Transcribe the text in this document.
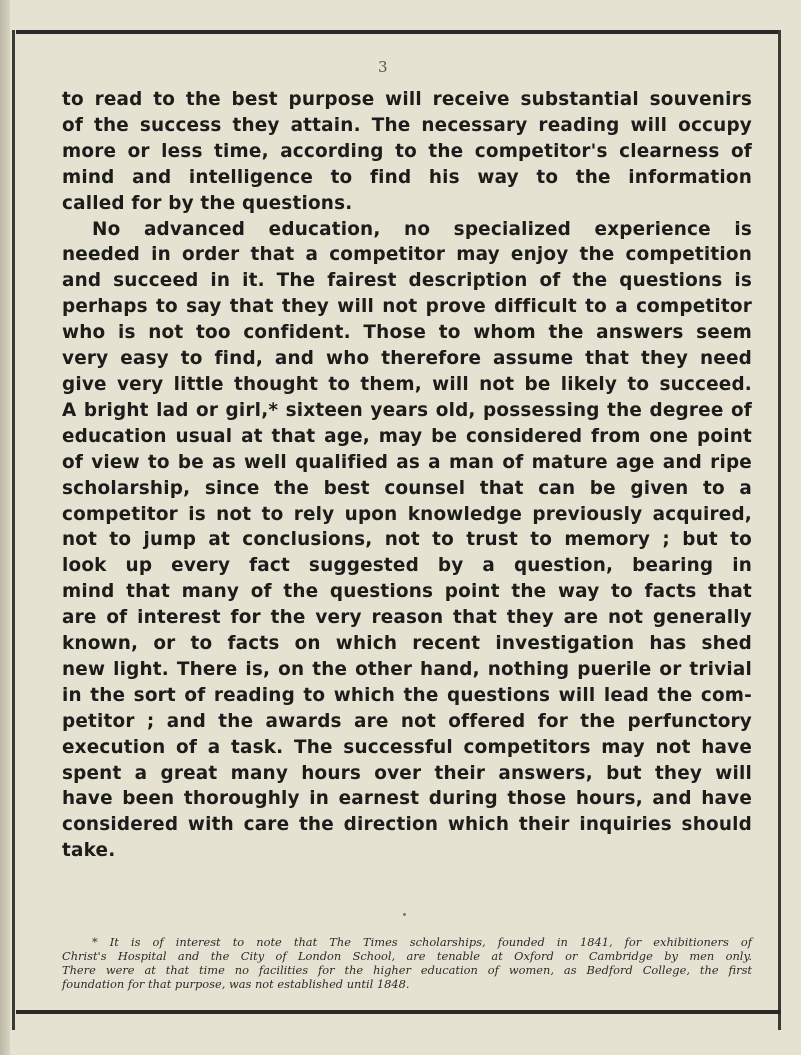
3
to read to the best purpose will receive substantial souvenirs
of the success they attain. The necessary reading will occupy
more or less time, according to the competitor's clearness of
mind and intelligence to find his way to the information
called for by the questions.
No advanced education, no specialized experience is
needed in order that a competitor may enjoy the competition
and succeed in it. The fairest description of the questions is
perhaps to say that they will not prove difficult to a competitor
who is not too confident. Those to whom the answers seem
very easy to find, and who therefore assume that they need
give very little thought to them, will not be likely to succeed.
A bright lad or girl,* sixteen years old, possessing the degree of
education usual at that age, may be considered from one point
of view to be as well qualified as a man of mature age and ripe
scholarship, since the best counsel that can be given to a
competitor is not to rely upon knowledge previously acquired,
not to jump at conclusions, not to trust to memory ; but to
look up every fact suggested by a question, bearing in
mind that many of the questions point the way to facts that
are of interest for the very reason that they are not generally
known, or to facts on which recent investigation has shed
new light. There is, on the other hand, nothing puerile or trivial
in the sort of reading to which the questions will lead the com-
petitor ; and the awards are not offered for the perfunctory
execution of a task. The successful competitors may not have
spent a great many hours over their answers, but they will
have been thoroughly in earnest during those hours, and have
considered with care the direction which their inquiries should
take.
* It is of interest to note that The Times scholarships, founded in 1841, for exhibitioners of
Christ's Hospital and the City of London School, are tenable at Oxford or Cambridge by men only.
There were at that time no facilities for the higher education of women, as Bedford College, the first
foundation for that purpose, was not established until 1848.
